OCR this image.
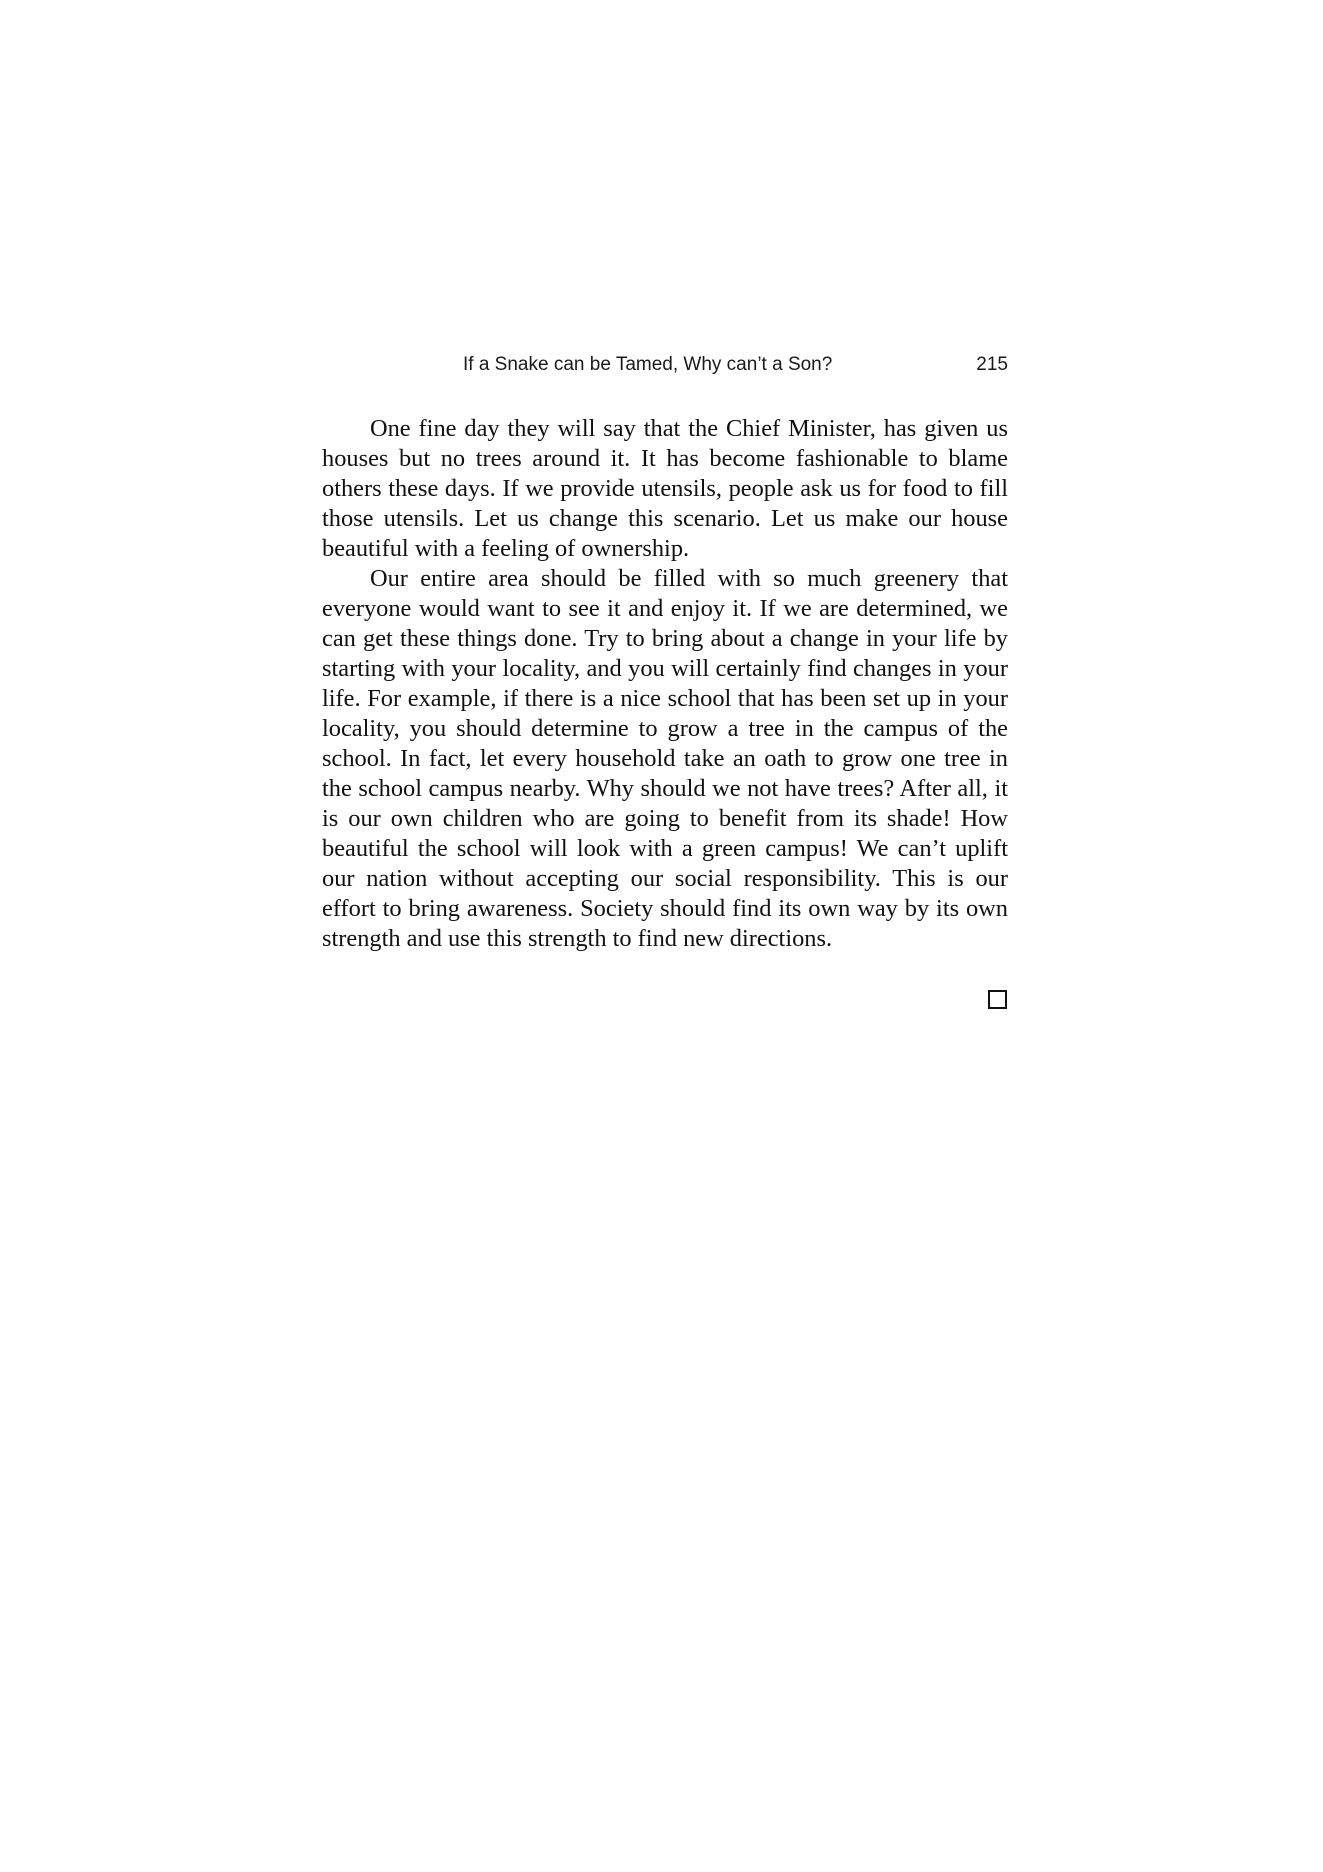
If a Snake can be Tamed, Why can’t a Son?	215

One fine day they will say that the Chief Minister, has given us houses but no trees around it. It has become fashionable to blame others these days. If we provide utensils, people ask us for food to fill those utensils. Let us change this scenario. Let us make our house beautiful with a feeling of ownership.

Our entire area should be filled with so much greenery that everyone would want to see it and enjoy it. If we are determined, we can get these things done. Try to bring about a change in your life by starting with your locality, and you will certainly find changes in your life. For example, if there is a nice school that has been set up in your locality, you should determine to grow a tree in the campus of the school. In fact, let every household take an oath to grow one tree in the school campus nearby. Why should we not have trees? After all, it is our own children who are going to benefit from its shade! How beautiful the school will look with a green campus! We can’t uplift our nation without accepting our social responsibility. This is our effort to bring awareness. Society should find its own way by its own strength and use this strength to find new directions.
